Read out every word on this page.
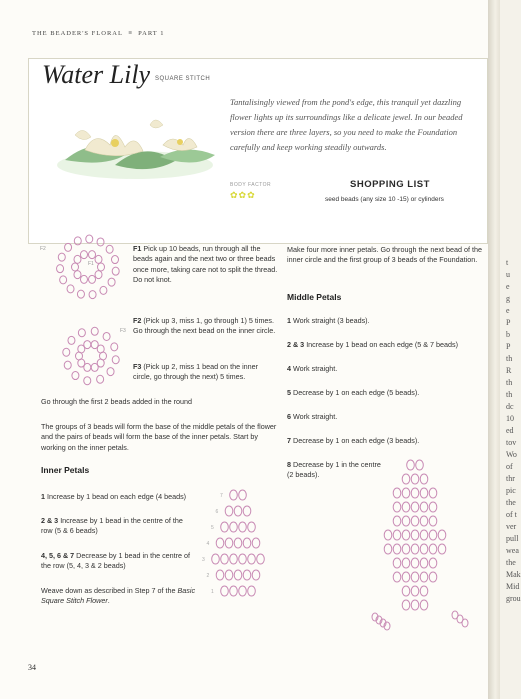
t
u
e
g
e
P
b
P
th
R
th
th
dc
10
ed
tov
Wo
of
thr
pic
the
of t
ver
pull
wea
the
Mak
Mid
grou
THE BEADER'S FLORAL ≡ PART 1
Water Lily SQUARE STITCH
Tantalisingly viewed from the pond's edge, this tranquil yet dazzling flower lights up its surroundings like a delicate jewel. In our beaded version there are three layers, so you need to make the Foundation carefully and keep working steadily outwards.
BODY FACTOR
✿✿✿
SHOPPING LIST
seed beads (any size 10 -15) or cylinders
F2
F1
F3
F1 Pick up 10 beads, run through all the beads again and the next two or three beads once more, taking care not to split the thread. Do not knot.
F2 (Pick up 3, miss 1, go through 1) 5 times. Go through the next bead on the inner circle.
F3 (Pick up 2, miss 1 bead on the inner circle, go through the next) 5 times.
Go through the first 2 beads added in the round
The groups of 3 beads will form the base of the middle petals of the flower and the pairs of beads will form the base of the inner petals. Start by working on the inner petals.
Inner Petals
1 Increase by 1 bead on each edge (4 beads)
2 & 3 Increase by 1 bead in the centre of the row (5 & 6 beads)
4, 5, 6 & 7 Decrease by 1 bead in the centre of the row (5, 4, 3 & 2 beads)
Weave down as described in Step 7 of the Basic Square Stitch Flower.
7
6
5
4
3
2
1
Make four more inner petals. Go through the next bead of the inner circle and the first group of 3 beads of the Foundation.
Middle Petals
1 Work straight (3 beads).
2 & 3 Increase by 1 bead on each edge (5 & 7 beads)
4 Work straight.
5 Decrease by 1 on each edge (5 beads).
6 Work straight.
7 Decrease by 1 on each edge (3 beads).
8 Decrease by 1 in the centre (2 beads).
34
